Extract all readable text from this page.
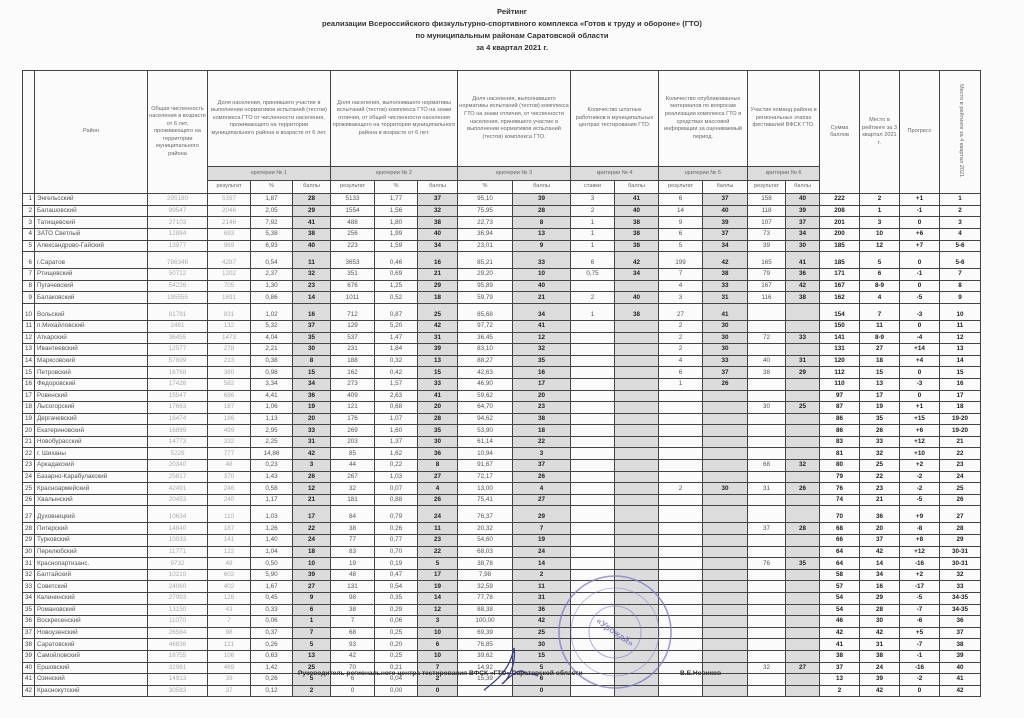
Рейтинг
реализации Всероссийского физкультурно-спортивного комплекса «Готов к труду и обороне» (ГТО)
по муниципальным районам Саратовской области
за 4 квартал 2021 г.
	Район	Общая численность населения в возрасте от 6 лет, проживающего на территории муниципального района	Доля населения, принявшего участие в выполнении нормативов испытаний (тестов) комплекса ГТО от численности населения, проживающего на территории муниципального района в возрасте от 6 лет.			Доля населения, выполнившего нормативы испытаний (тестов) комплекса ГТО на знаки отличия, от общей численности населения проживающего на территории муниципального района в возрасте от 6 лет.			Доля населения, выполнившего нормативы испытаний (тестов) комплекса ГТО на знаки отличия, от численности населения, принявшего участие в выполнении нормативов испытаний (тестов) комплекса ГТО.		Количество штатных работников в муниципальных центрах тестирования ГТО.		Количество опубликованных материалов по вопросам реализации комплекса ГТО в средствах массовой информации за оцениваемый период.		Участие команд района в региональных этапах фестивалей ВФСК ГТО.		Сумма баллов	Место в рейтинге за 3 квартал 2021 г.	Прогресс	Место в рейтинге за 4 квартал 2021
			критерии № 1			критерии № 2			критерии № 3		критерии № 4		критерии № 5		критерии № 6					
			результат	%	баллы	результат	%	баллы	%	баллы	ставки	баллы	результат	баллы	результат	баллы				
1	Энгельсский	295180	5397	1,87	28	5133	1,77	37	95,10	39	3	41	6	37	158	40	222	2	+1	1
2	Балашовский	99547	2046	2,05	29	1554	1,56	32	75,95	28	2	40	14	40	118	39	208	1	-1	2
3	Татищевский	27103	2146	7,92	41	488	1,80	38	22,73	8	1	38	9	39	107	37	201	3	0	3
4	ЗАТО Светлый	12884	693	5,38	38	256	1,99	40	36,94	13	1	38	6	37	73	34	200	10	+6	4
5	Александрово-Гайский	13977	969	6,93	40	223	1,59	34	23,01	9	1	38	5	34	39	30	185	12	+7	5-6
6	г.Саратов	786346	4287	0,54	11	3653	0,46	16	85,21	33	6	42	199	42	165	41	185	5	0	5-6
7	Ртищевский	50712	1202	2,37	32	351	0,69	21	29,20	10	0,75	34	7	38	79	36	171	6	-1	7
8	Пугачевский	54226	705	1,30	23	676	1,25	29	95,89	40			4	33	167	42	167	8-9	0	8
9	Балаковский	195555	1691	0,86	14	1011	0,52	18	59,79	21	2	40	3	31	116	38	162	4	-5	9
10	Вольский	81781	831	1,02	16	712	0,87	25	85,68	34	1	38	27	41			154	7	-3	10
11	п.Михайловский	2481	132	5,32	37	129	5,20	42	97,72	41			2	30			150	11	0	11
12	Аткарский	36455	1473	4,04	35	537	1,47	31	36,45	12			2	30	72	33	141	8-9	-4	12
13	Ивантеевский	12577	278	2,21	30	231	1,84	39	83,10	32			2	30			131	27	+14	13
14	Марксовский	57899	213	0,38	8	188	0,32	13	88,27	35			4	33	40	31	120	18	+4	14
15	Петровский	16768	380	0,98	15	162	0,42	15	42,63	16			6	37	38	29	112	15	0	15
16	Федоровский	17426	582	3,34	34	273	1,57	33	46,90	17			1	26			110	13	-3	16
17	Ровенский	15547	686	4,41	36	409	2,63	41	59,62	20							97	17	0	17
18	Лысогорский	17663	187	1,06	19	121	0,68	20	64,70	23					30	25	87	19	+1	18
19	Дергачевский	16474	186	1,13	20	176	1,07	28	94,62	38							86	35	+15	19-20
20	Екатериновский	16899	499	2,95	33	269	1,60	35	53,90	18							86	26	+6	19-20
21	Новобурасский	14773	332	2,25	31	203	1,37	30	61,14	22							83	33	+12	21
22	г. Шиханы	5228	777	14,86	42	85	1,62	36	10,94	3							81	32	+10	22
23	Аркадакский	20340	48	0,23	3	44	0,22	8	91,67	37					68	32	80	25	+2	23
24	Базарно-Карабулакский	25817	370	1,43	26	267	1,03	27	72,17	26							79	22	-2	24
25	Красноармейский	42491	246	0,58	12	32	0,07	4	13,00	4			2	30	31	26	76	23	-2	25
26	Хвалынский	20453	240	1,17	21	181	0,88	26	75,41	27							74	21	-5	26
27	Духовницкий	10634	110	1,03	17	84	0,79	24	76,37	29							70	36	+9	27
28	Питерский	14840	187	1,26	22	38	0,26	11	20,32	7					37	28	68	20	-8	28
29	Турковский	10033	141	1,40	24	77	0,77	23	54,60	19							66	37	+8	29
30	Перелюбский	11771	122	1,04	18	83	0,70	22	68,03	24							64	42	+12	30-31
31	Краснопартизанс.	9732	49	0,50	10	19	0,19	5	38,78	14					76	35	64	14	-16	30-31
32	Балтайский	10210	602	5,90	39	48	0,47	17	7,98	2							58	34	+2	32
33	Советский	24060	402	1,67	27	131	0,54	19	32,59	11							57	16	-17	33
34	Калининский	27993	126	0,45	9	98	0,35	14	77,78	31							54	29	-5	34-35
35	Романовский	13150	43	0,33	6	38	0,29	12	88,38	36							54	28	-7	34-35
36	Воскресенский	11070	7	0,06	1	7	0,06	3	100,00	42							46	30	-6	36
37	Новоузенский	26584	98	0,37	7	68	0,25	10	69,39	25							42	42	+5	37
38	Саратовский	46836	121	0,26	5	93	0,20	6	76,85	30							41	31	-7	38
39	Самойловский	16755	106	0,63	13	42	0,25	10	39,62	15							38	38	-1	39
40	Ершовский	32961	469	1,42	25	70	0,21	7	14,92	5					32	27	37	24	-16	40
41	Озинский	14913	39	0,26	5	6	0,04	2	15,39	6							13	39	-2	41
42	Краснокутский	30583	37	0,12	2	0	0,00	0	-	0							2	42	0	42
«Урожай»
Руководитель регионального центра тестирования ВФСК «ГТО» Саратовской области	В.Е.Новиков
